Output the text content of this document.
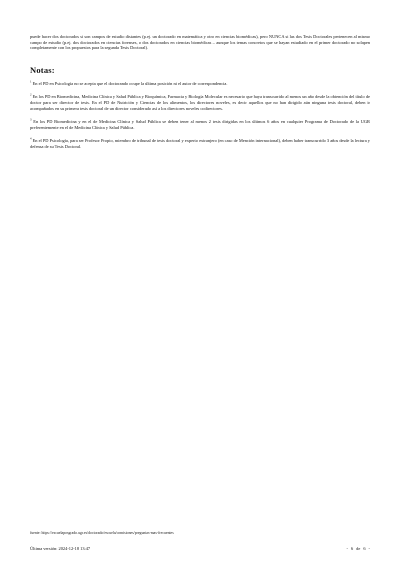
puede hacer dos doctorados si son campos de estudio distantes (p.ej. un doctorado en matemática y otro en ciencias biomédicas), pero NUNCA si las dos Tesis Doctorales pertenecen al mismo campo de estudio (p.ej. dos doctorados en ciencias forenses, o dos doctorados en ciencias biomédicas – aunque los temas concretos que se hayan estudiado en el primer doctorado no solapen completamente con los propuestos para la segunda Tesis Doctoral).

Notas:

$^1$ En el PD en Psicología no se acepta que el doctorando ocupe la última posición ni el autor de correspondencia.

$^2$ En los PD en Biomedicina, Medicina Clínica y Salud Pública y Bioquímica, Farmacia y Biología Molecular es necesario que haya transcurrido al menos un año desde la obtención del título de doctor para ser director de tesis. En el PD de Nutrición y Ciencias de los alimentos, los directores noveles, es decir aquellos que no han dirigido aún ninguna tesis doctoral, deben ir acompañados en su primera tesis doctoral de un director considerado así a los directores noveles codirectores.

$^3$ En los PD Biomedicina y en el de Medicina Clínica y Salud Pública se deben tener al menos 2 tesis dirigidas en los últimos 6 años en cualquier Programa de Doctorado de la UGR preferentemente en el de Medicina Clínica y Salud Pública.

$^4$ En el PD Psicología, para ser Profesor Propio, miembro de tribunal de tesis doctoral y experto extranjero (en caso de Mención internacional), deben haber transcurrido 3 años desde la lectura y defensa de su Tesis Doctoral.

fuente: https://escuelaposgrado.ugr.es/doctorado/escuela/comisiones/preguntas-mas-frecuentes
Última versión: 2024-12-18 13:47	- 6 de 6 -
